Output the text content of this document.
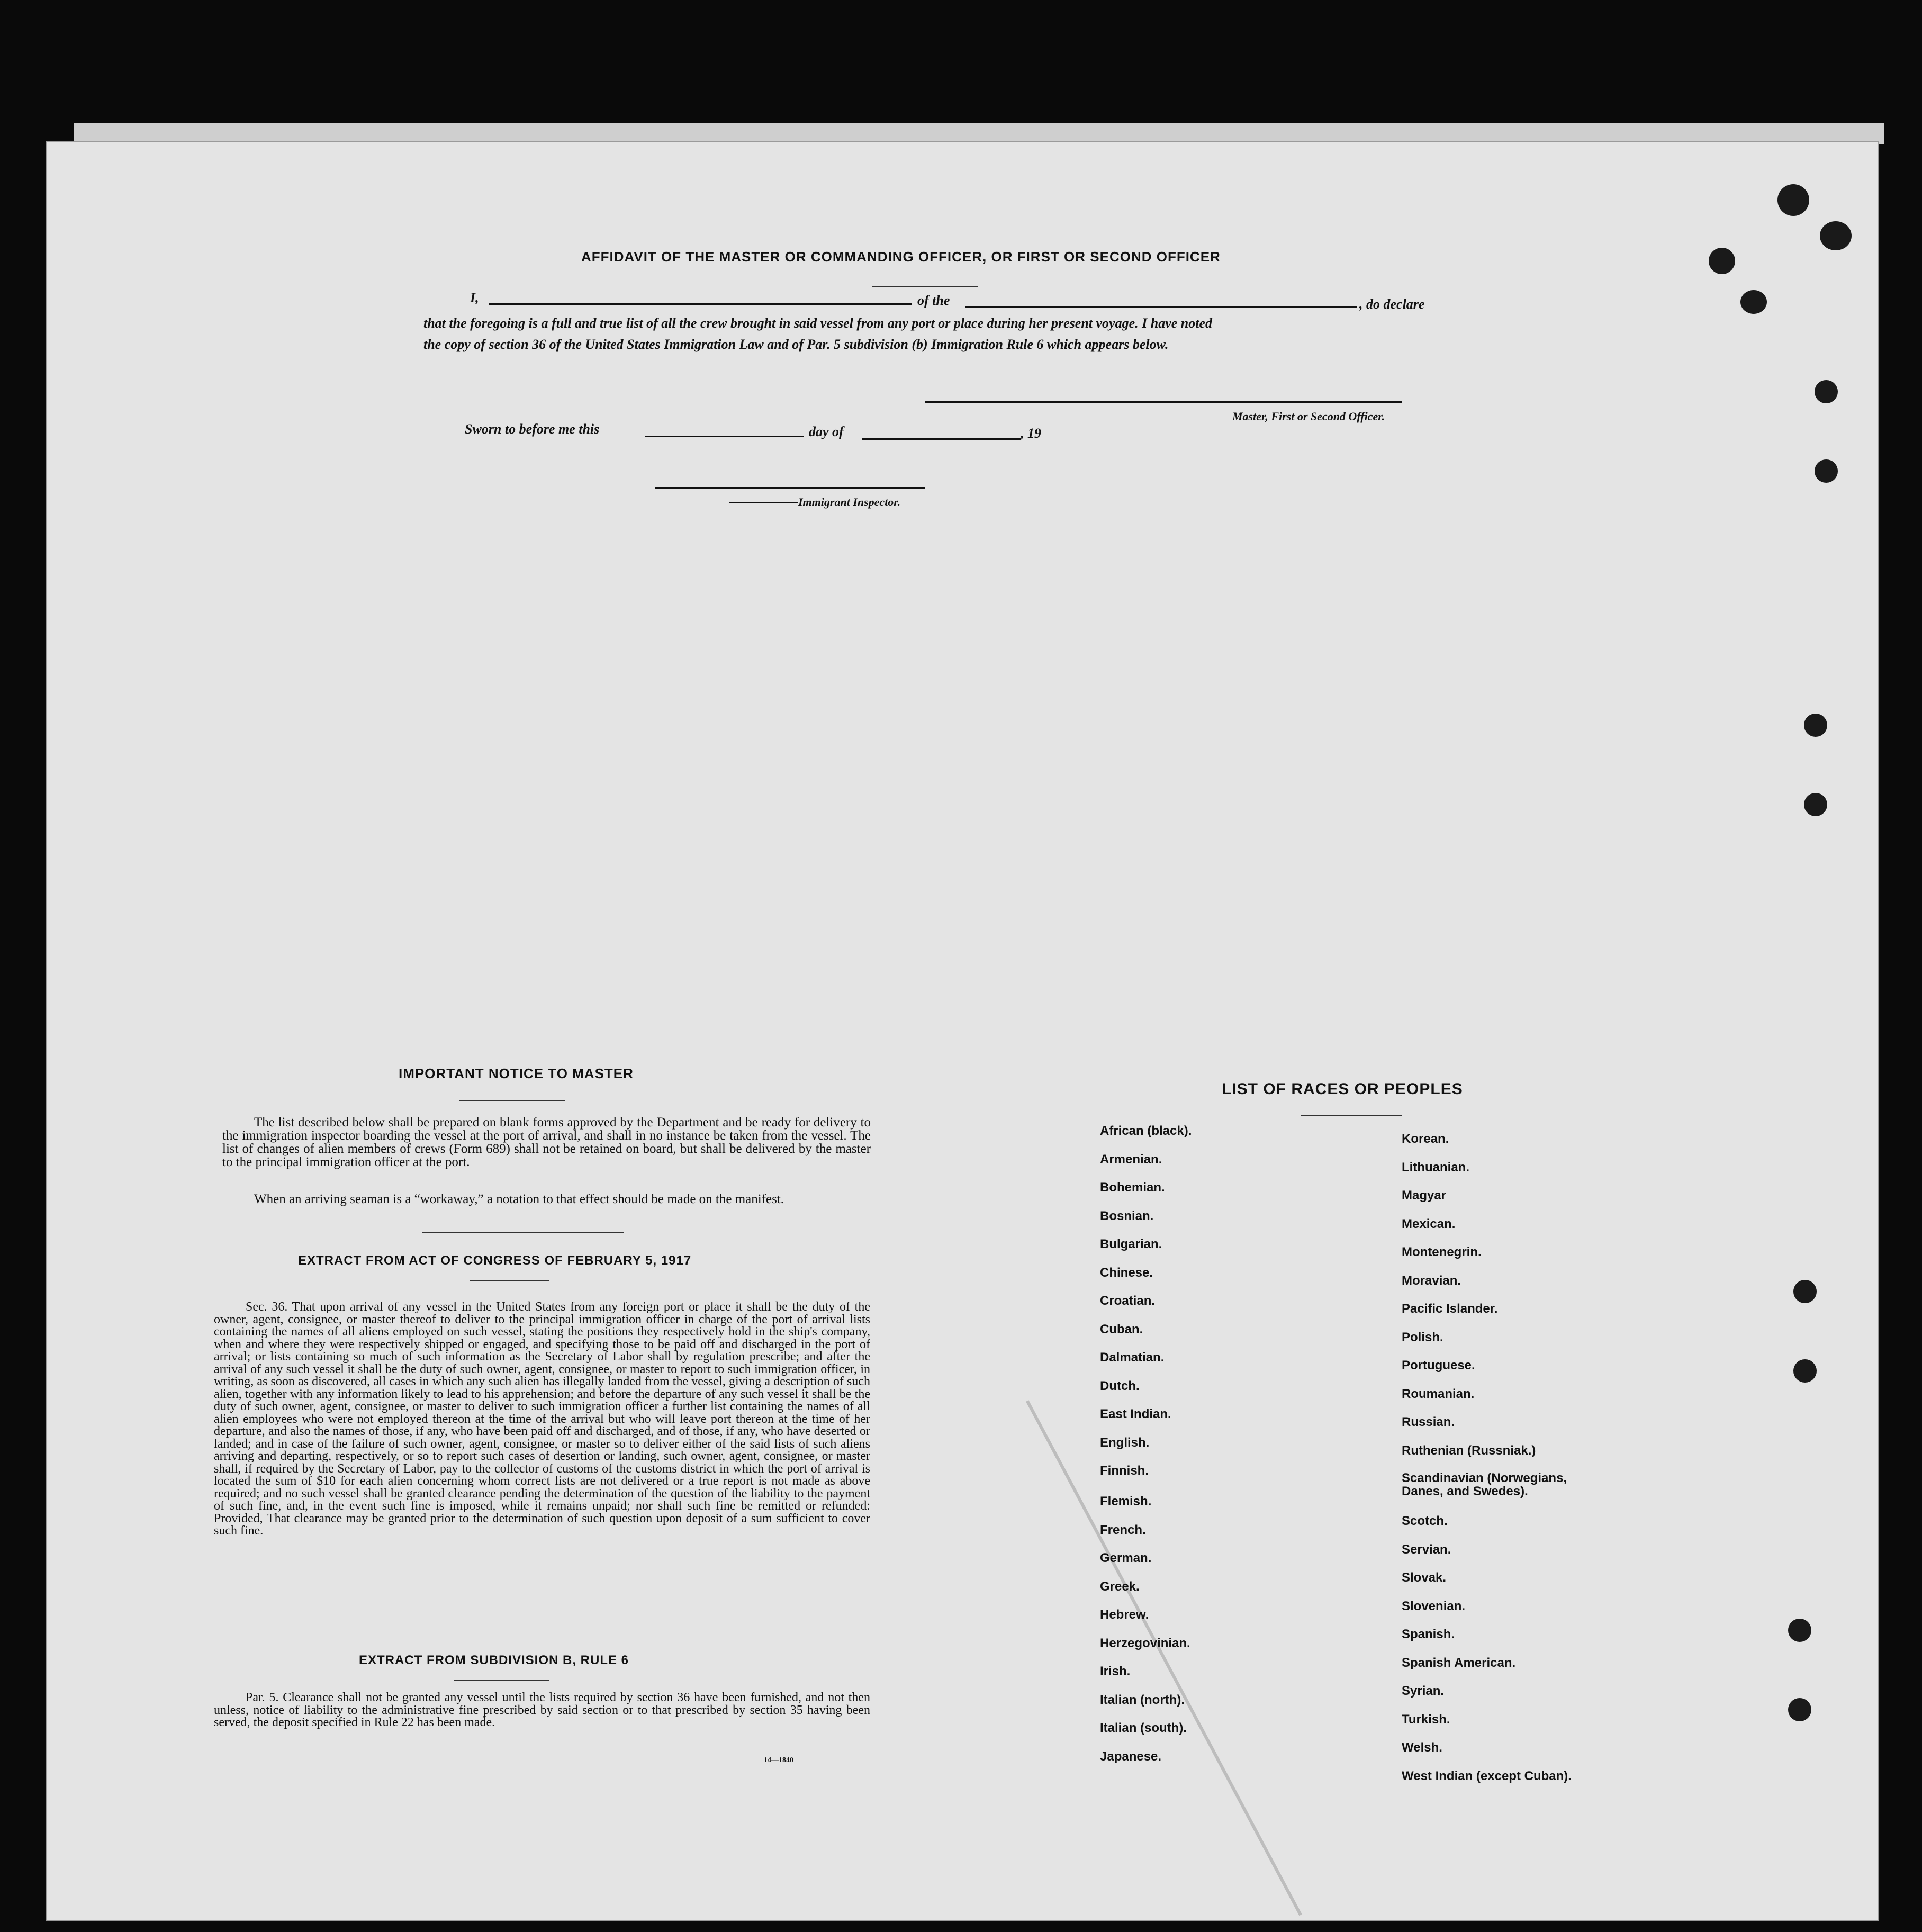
AFFIDAVIT OF THE MASTER OR COMMANDING OFFICER, OR FIRST OR SECOND OFFICER
I,	of the	, do declare
that the foregoing is a full and true list of all the crew brought in said vessel from any port or place during her present voyage. I have noted
the copy of section 36 of the United States Immigration Law and of Par. 5 subdivision (b) Immigration Rule 6 which appears below.
Master, First or Second Officer.
Sworn to before me this	day of	, 19
Immigrant Inspector.
IMPORTANT NOTICE TO MASTER
The list described below shall be prepared on blank forms approved by the Department and be ready for delivery to the immigration inspector boarding the vessel at the port of arrival, and shall in no instance be taken from the vessel. The list of changes of alien members of crews (Form 689) shall not be retained on board, but shall be delivered by the master to the principal immigration officer at the port.
When an arriving seaman is a “workaway,” a notation to that effect should be made on the manifest.
EXTRACT FROM ACT OF CONGRESS OF FEBRUARY 5, 1917
Sec. 36. That upon arrival of any vessel in the United States from any foreign port or place it shall be the duty of the owner, agent, consignee, or master thereof to deliver to the principal immigration officer in charge of the port of arrival lists containing the names of all aliens employed on such vessel, stating the positions they respectively hold in the ship's company, when and where they were respectively shipped or engaged, and specifying those to be paid off and discharged in the port of arrival; or lists containing so much of such information as the Secretary of Labor shall by regulation prescribe; and after the arrival of any such vessel it shall be the duty of such owner, agent, consignee, or master to report to such immigration officer, in writing, as soon as discovered, all cases in which any such alien has illegally landed from the vessel, giving a description of such alien, together with any information likely to lead to his apprehension; and before the departure of any such vessel it shall be the duty of such owner, agent, consignee, or master to deliver to such immigration officer a further list containing the names of all alien employees who were not employed thereon at the time of the arrival but who will leave port thereon at the time of her departure, and also the names of those, if any, who have been paid off and discharged, and of those, if any, who have deserted or landed; and in case of the failure of such owner, agent, consignee, or master so to deliver either of the said lists of such aliens arriving and departing, respectively, or so to report such cases of desertion or landing, such owner, agent, consignee, or master shall, if required by the Secretary of Labor, pay to the collector of customs of the customs district in which the port of arrival is located the sum of $10 for each alien concerning whom correct lists are not delivered or a true report is not made as above required; and no such vessel shall be granted clearance pending the determination of the question of the liability to the payment of such fine, and, in the event such fine is imposed, while it remains unpaid; nor shall such fine be remitted or refunded: Provided, That clearance may be granted prior to the determination of such question upon deposit of a sum sufficient to cover such fine.
EXTRACT FROM SUBDIVISION B, RULE 6
Par. 5. Clearance shall not be granted any vessel until the lists required by section 36 have been furnished, and not then unless, notice of liability to the administrative fine prescribed by said section or to that prescribed by section 35 having been served, the deposit specified in Rule 22 has been made.
14—1840
LIST OF RACES OR PEOPLES
African (black).
Armenian.
Bohemian.
Bosnian.
Bulgarian.
Chinese.
Croatian.
Cuban.
Dalmatian.
Dutch.
East Indian.
English.
Finnish.
Flemish.
French.
German.
Greek.
Hebrew.
Herzegovinian.
Irish.
Italian (north).
Italian (south).
Japanese.
Korean.
Lithuanian.
Magyar
Mexican.
Montenegrin.
Moravian.
Pacific Islander.
Polish.
Portuguese.
Roumanian.
Russian.
Ruthenian (Russniak.)
Scandinavian (Norwegians, Danes, and Swedes).
Scotch.
Servian.
Slovak.
Slovenian.
Spanish.
Spanish American.
Syrian.
Turkish.
Welsh.
West Indian (except Cuban).
